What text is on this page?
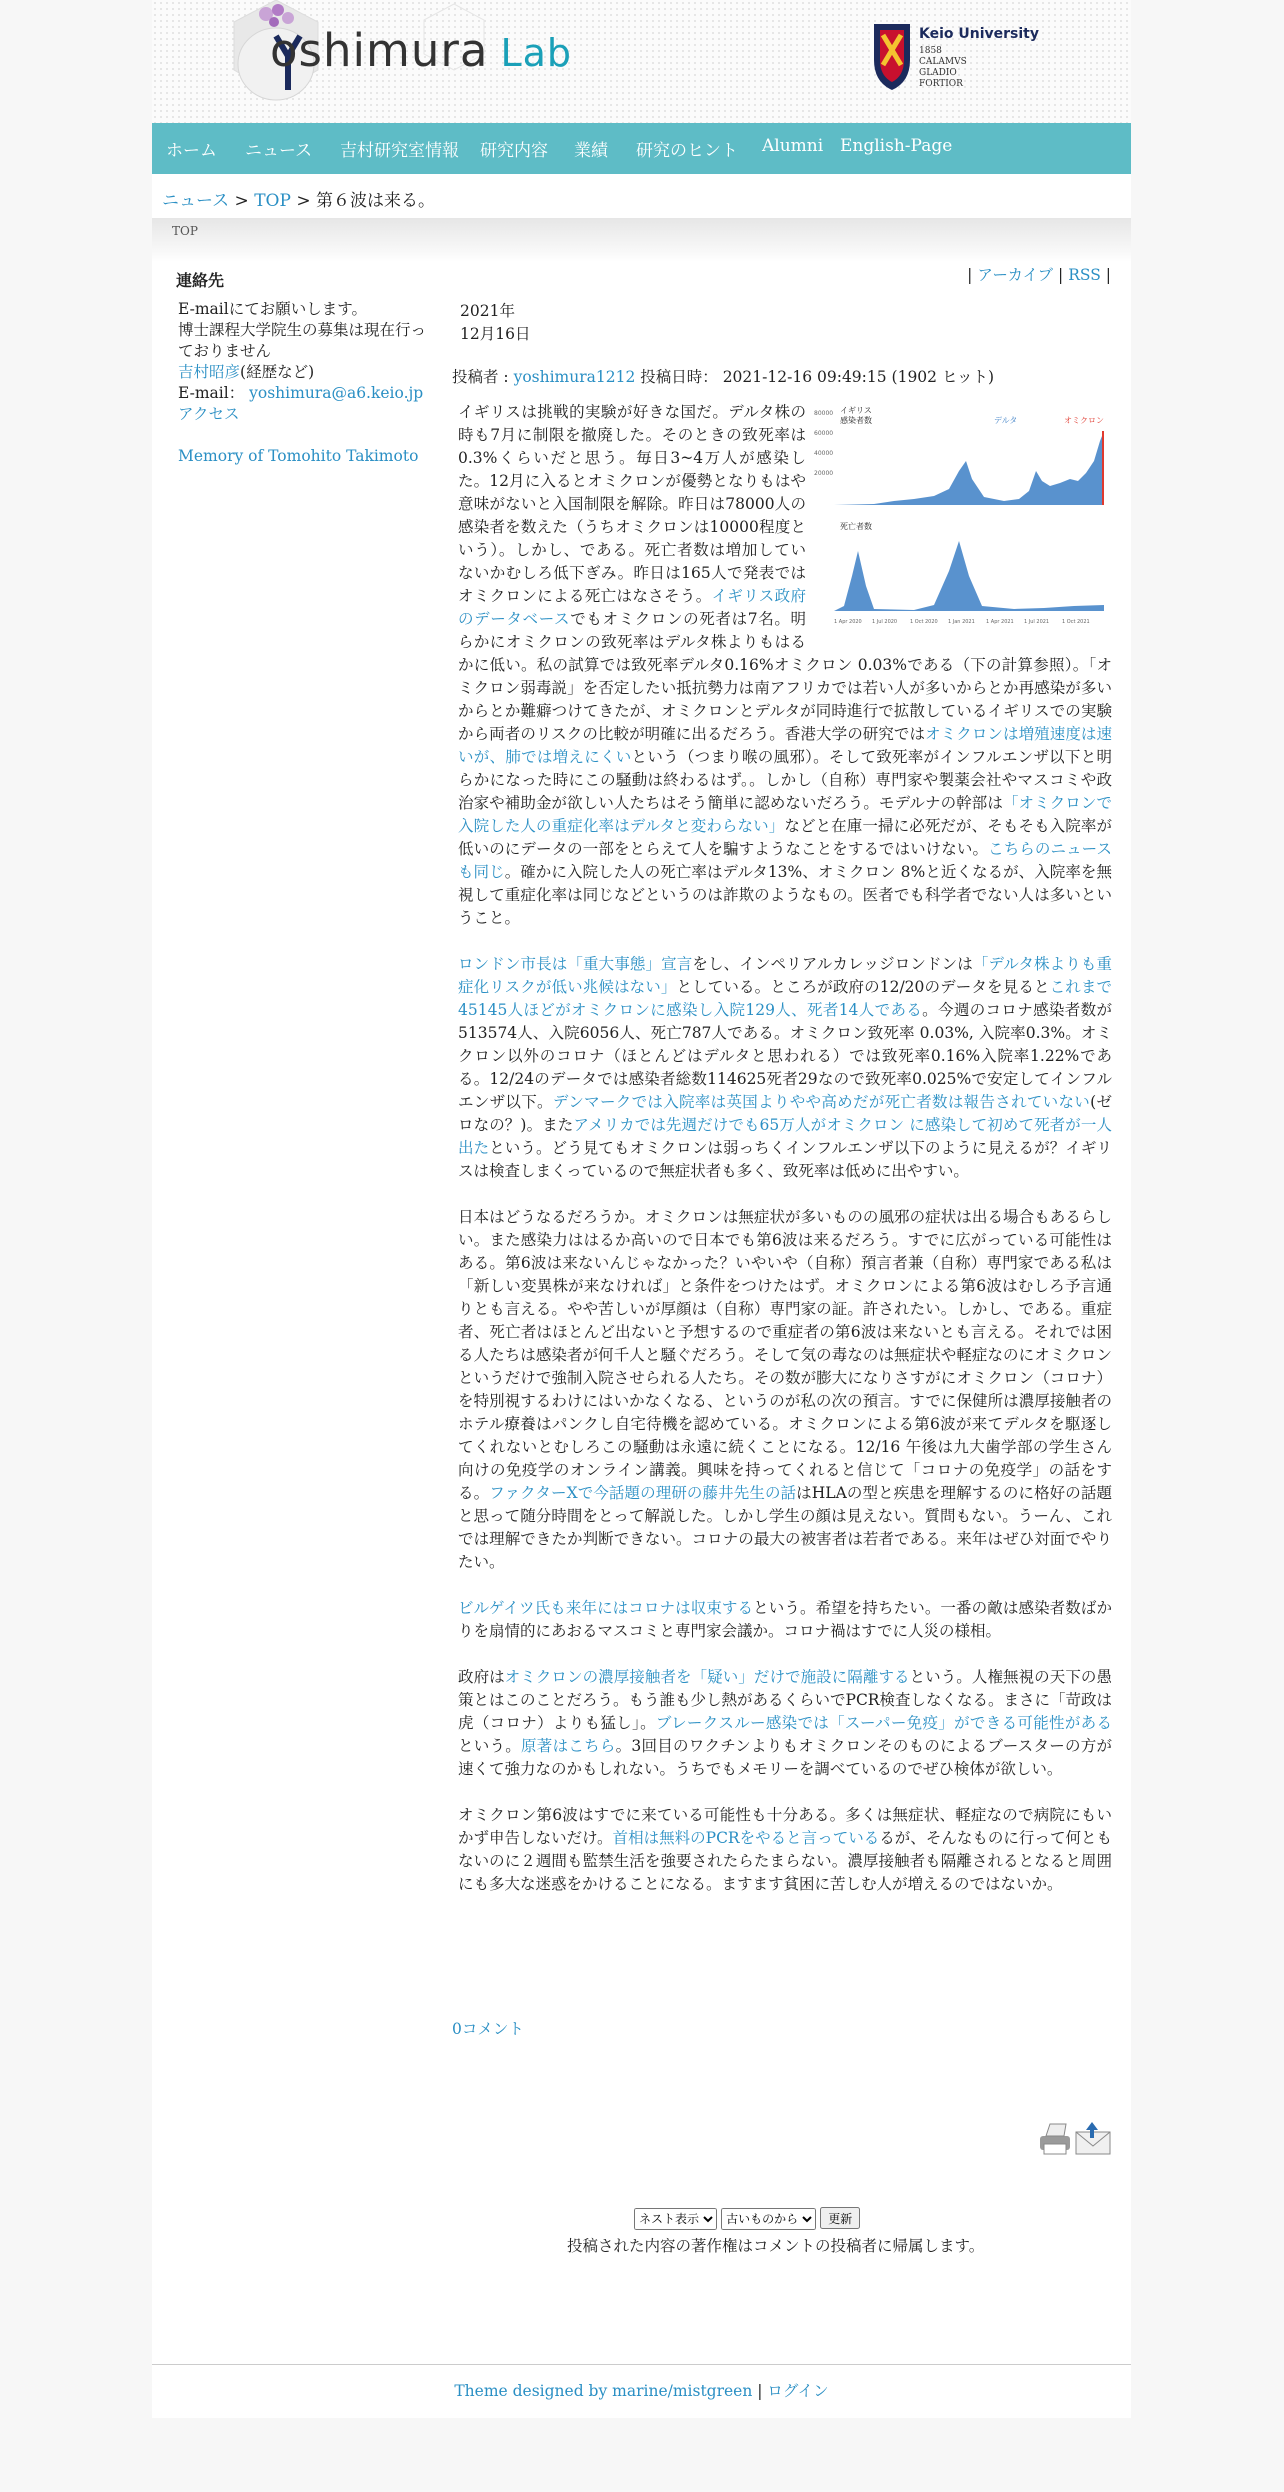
oshimura Lab	Keio University
1858
CALAMVS
GLADIO
FORTIOR
ホーム ニュース 吉村研究室情報 研究内容 業績 研究のヒント Alumni English-Page
ニュース > TOP > 第６波は来る。
TOP
| アーカイブ | RSS |
連絡先
E-mailにてお願いします。
博士課程大学院生の募集は現在行っておりません
吉村昭彦(経歴など)
E-mail： yoshimura@a6.keio.jp
アクセス
Memory of Tomohito Takimoto
2021年
12月16日
投稿者 : yoshimura1212 投稿日時： 2021-12-16 09:49:15 (1902 ヒット)
イギリス
感染者数	デルタ	オミクロン
80000
60000
40000
20000
死亡者数
1 Apr 2020 1 Jul 2020	1 Oct 2020 1 Jan 2021 1 Apr 2021 1 Jul 2021	1 Oct 2021

イギリスは挑戦的実験が好きな国だ。デルタ株の時も7月に制限を撤廃した。そのときの致死率は0.3%くらいだと思う。毎日3~4万人が感染した。12月に入るとオミクロンが優勢となりもはや意味がないと入国制限を解除。昨日は78000人の感染者を数えた（うちオミクロンは10000程度という）。しかし、である。死亡者数は増加していないかむしろ低下ぎみ。昨日は165人で発表ではオミクロンによる死亡はなさそう。イギリス政府のデータベースでもオミクロンの死者は7名。明らかにオミクロンの致死率はデルタ株よりもはるかに低い。私の試算では致死率デルタ0.16%オミクロン 0.03%である（下の計算参照）。「オミクロン弱毒説」を否定したい抵抗勢力は南アフリカでは若い人が多いからとか再感染が多いからとか難癖つけてきたが、オミクロンとデルタが同時進行で拡散しているイギリスでの実験から両者のリスクの比較が明確に出るだろう。香港大学の研究ではオミクロンは増殖速度は速いが、肺では増えにくいという（つまり喉の風邪）。そして致死率がインフルエンザ以下と明らかになった時にこの騒動は終わるはず。。しかし（自称）専門家や製薬会社やマスコミや政治家や補助金が欲しい人たちはそう簡単に認めないだろう。モデルナの幹部は「オミクロンで入院した人の重症化率はデルタと変わらない」などと在庫一掃に必死だが、そもそも入院率が低いのにデータの一部をとらえて人を騙すようなことをするではいけない。こちらのニュースも同じ。確かに入院した人の死亡率はデルタ13%、オミクロン 8%と近くなるが、入院率を無視して重症化率は同じなどというのは詐欺のようなもの。医者でも科学者でない人は多いということ。

ロンドン市長は「重大事態」宣言をし、インペリアルカレッジロンドンは「デルタ株よりも重症化リスクが低い兆候はない」としている。ところが政府の12/20のデータを見るとこれまで45145人ほどがオミクロンに感染し入院129人、死者14人である。今週のコロナ感染者数が513574人、入院6056人、死亡787人である。オミクロン致死率 0.03%, 入院率0.3%。オミクロン以外のコロナ（ほとんどはデルタと思われる）では致死率0.16%入院率1.22%である。12/24のデータでは感染者総数114625死者29なので致死率0.025%で安定してインフルエンザ以下。デンマークでは入院率は英国よりやや高めだが死亡者数は報告されていない(ゼロなの？)。またアメリカでは先週だけでも65万人がオミクロン に感染して初めて死者が一人出たという。どう見てもオミクロンは弱っちくインフルエンザ以下のように見えるが？イギリスは検査しまくっているので無症状者も多く、致死率は低めに出やすい。

日本はどうなるだろうか。オミクロンは無症状が多いものの風邪の症状は出る場合もあるらしい。また感染力ははるか高いので日本でも第6波は来るだろう。すでに広がっている可能性はある。第6波は来ないんじゃなかった？いやいや（自称）預言者兼（自称）専門家である私は「新しい変異株が来なければ」と条件をつけたはず。オミクロンによる第6波はむしろ予言通りとも言える。やや苦しいが厚顔は（自称）専門家の証。許されたい。しかし、である。重症者、死亡者はほとんど出ないと予想するので重症者の第6波は来ないとも言える。それでは困る人たちは感染者が何千人と騒ぐだろう。そして気の毒なのは無症状や軽症なのにオミクロンというだけで強制入院させられる人たち。その数が膨大になりさすがにオミクロン（コロナ）を特別視するわけにはいかなくなる、というのが私の次の預言。すでに保健所は濃厚接触者のホテル療養はパンクし自宅待機を認めている。オミクロンによる第6波が来てデルタを駆逐してくれないとむしろこの騒動は永遠に続くことになる。12/16 午後は九大歯学部の学生さん向けの免疫学のオンライン講義。興味を持ってくれると信じて「コロナの免疫学」の話をする。ファクターXで今話題の理研の藤井先生の話はHLAの型と疾患を理解するのに格好の話題と思って随分時間をとって解説した。しかし学生の顔は見えない。質問もない。うーん、これでは理解できたか判断できない。コロナの最大の被害者は若者である。来年はぜひ対面でやりたい。

ビルゲイツ氏も来年にはコロナは収束するという。希望を持ちたい。一番の敵は感染者数ばかりを扇情的にあおるマスコミと専門家会議か。コロナ禍はすでに人災の様相。

政府はオミクロンの濃厚接触者を「疑い」だけで施設に隔離するという。人権無視の天下の愚策とはこのことだろう。もう誰も少し熱があるくらいでPCR検査しなくなる。まさに「苛政は虎（コロナ）よりも猛し」。ブレークスルー感染では「スーパー免疫」ができる可能性があるという。原著はこちら。3回目のワクチンよりもオミクロンそのものによるブースターの方が速くて強力なのかもしれない。うちでもメモリーを調べているのでぜひ検体が欲しい。

オミクロン第6波はすでに来ている可能性も十分ある。多くは無症状、軽症なので病院にもいかず申告しないだけ。首相は無料のPCRをやると言っているるが、そんなものに行って何ともないのに２週間も監禁生活を強要されたらたまらない。濃厚接触者も隔離されるとなると周囲にも多大な迷惑をかけることになる。ますます貧困に苦しむ人が増えるのではないか。

0コメント
ネスト表示
古いものから 更新
投稿された内容の著作権はコメントの投稿者に帰属します。
Theme designed by marine/mistgreen | ログイン
